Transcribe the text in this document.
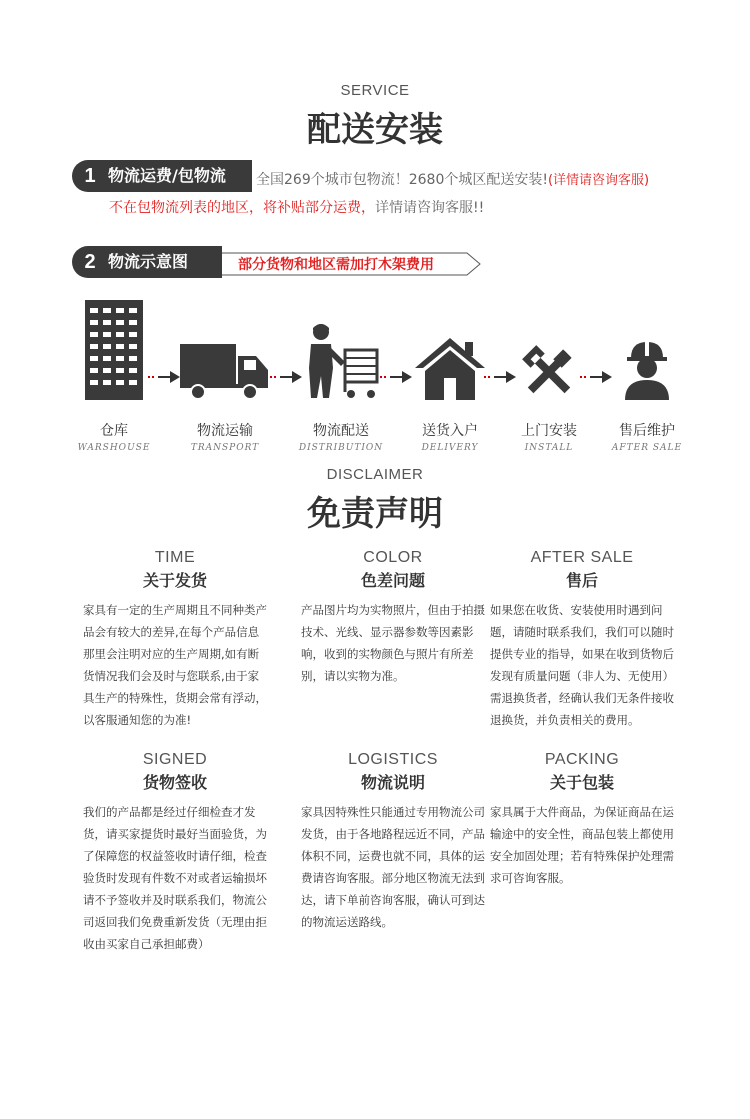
SERVICE
配送安装
1 物流运费/包物流 全国269个城市包物流！2680个城区配送安装!(详情请咨询客服)
不在包物流列表的地区，将补贴部分运费，详情请咨询客服!!
2 物流示意图	部分货物和地区需加打木架费用
仓库
WARSHOUSE
物流运输
TRANSPORT
物流配送
DISTRIBUTION
送货入户
DELIVERY
上门安装
INSTALL
售后维护
AFTER SALE
DISCLAIMER
免责声明
TIME
关于发货
家具有一定的生产周期且不同种类产品会有较大的差异,在每个产品信息那里会注明对应的生产周期,如有断货情况我们会及时与您联系,由于家具生产的特殊性，货期会常有浮动，以客服通知您的为准!
COLOR
色差问题
产品图片均为实物照片，但由于拍摄技术、光线、显示器参数等因素影响，收到的实物颜色与照片有所差别，请以实物为准。
AFTER SALE
售后
如果您在收货、安装使用时遇到问题，请随时联系我们，我们可以随时提供专业的指导，如果在收到货物后发现有质量问题（非人为、无使用）需退换货者，经确认我们无条件接收退换货，并负责相关的费用。
SIGNED
货物签收
我们的产品都是经过仔细检查才发货，请买家提货时最好当面验货，为了保障您的权益签收时请仔细，检查验货时发现有件数不对或者运输损坏请不予签收并及时联系我们，物流公司返回我们免费重新发货（无理由拒收由买家自己承担邮费）
LOGISTICS
物流说明
家具因特殊性只能通过专用物流公司发货，由于各地路程远近不同，产品体积不同，运费也就不同，具体的运费请咨询客服。部分地区物流无法到达，请下单前咨询客服，确认可到达的物流运送路线。
PACKING
关于包装
家具属于大件商品，为保证商品在运输途中的安全性，商品包装上都使用安全加固处理；若有特殊保护处理需求可咨询客服。
